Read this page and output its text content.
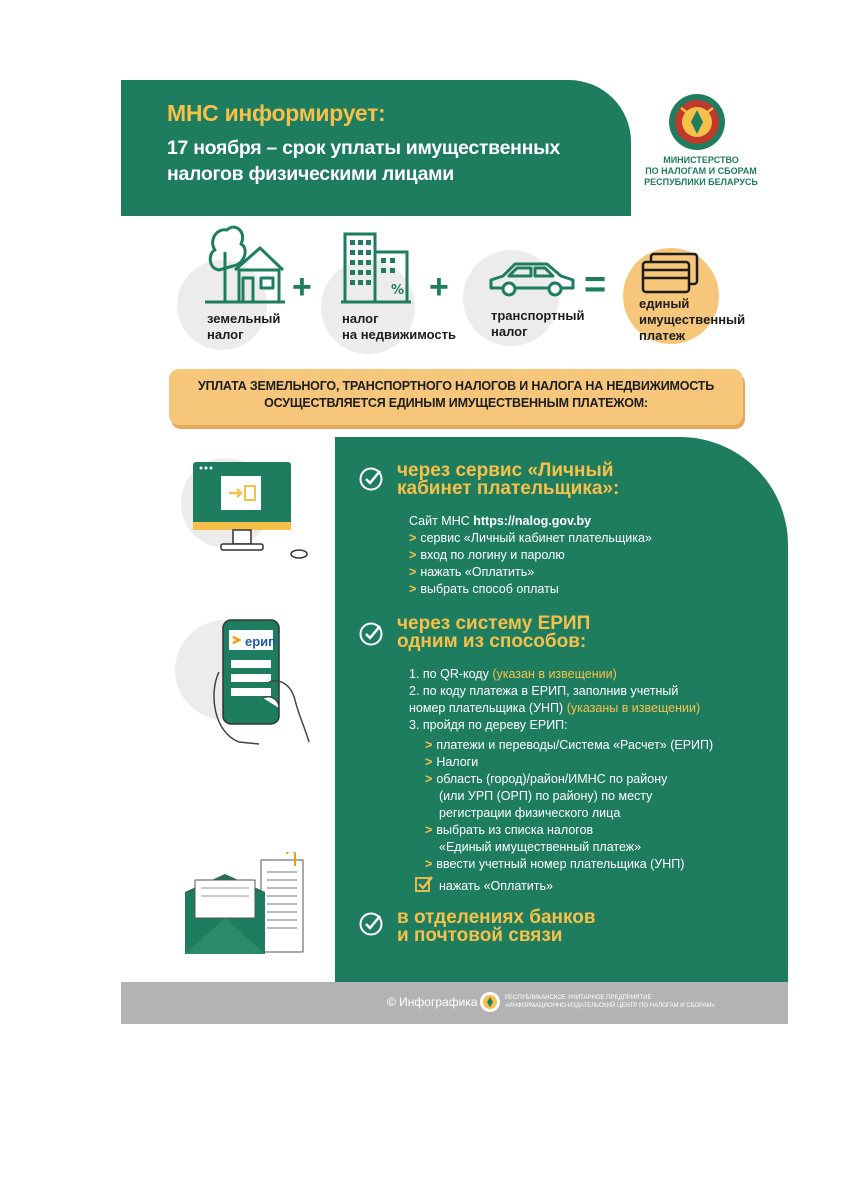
МНС информирует:
17 ноября – срок уплаты имущественных
налогов физическими лицами
МИНИСТЕРСТВО
ПО НАЛОГАМ И СБОРАМ
РЕСПУБЛИКИ БЕЛАРУСЬ
земельный
налог
+	%
налог
на недвижимость
+
транспортный
налог
=	единый
имущественный
платеж
УПЛАТА ЗЕМЕЛЬНОГО, ТРАНСПОРТНОГО НАЛОГОВ И НАЛОГА НА НЕДВИЖИМОСТЬ
ОСУЩЕСТВЛЯЕТСЯ ЕДИНЫМ ИМУЩЕСТВЕННЫМ ПЛАТЕЖОМ:
ерип
через сервис «Личный
кабинет плательщика»:
Сайт МНС https://nalog.gov.by
> сервис «Личный кабинет плательщика»
> вход по логину и паролю
> нажать «Оплатить»
> выбрать способ оплаты
через систему ЕРИП
одним из способов:
1. по QR-коду (указан в извещении)
2. по коду платежа в ЕРИП, заполнив учетный
номер плательщика (УНП) (указаны в извещении)
3. пройдя по дереву ЕРИП:
> платежи и переводы/Система «Расчет» (ЕРИП)
> Налоги
> область (город)/район/ИМНС по району
(или УРП (ОРП) по району) по месту
регистрации физического лица
> выбрать из списка налогов
«Единый имущественный платеж»
> ввести учетный номер плательщика (УНП)
нажать «Оплатить»
в отделениях банков
и почтовой связи
© Инфографика	РЕСПУБЛИКАНСКОЕ УНИТАРНОЕ ПРЕДПРИЯТИЕ
«ИНФОРМАЦИОННО-ИЗДАТЕЛЬСКИЙ ЦЕНТР ПО НАЛОГАМ И СБОРАМ»
